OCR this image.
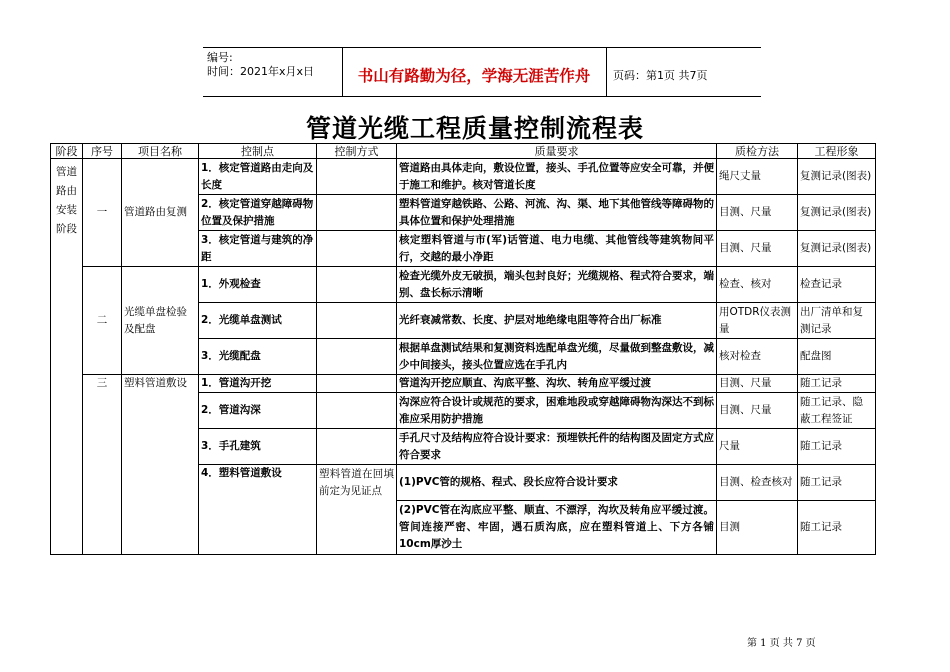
编号:
时间：2021年x月x日	书山有路勤为径，学海无涯苦作舟	页码：第1页 共7页
管道光缆工程质量控制流程表
阶段	序号	项目名称	控制点	控制方式	质量要求	质检方法	工程形象
管道路由安装阶段	一	管道路由复测	1．核定管道路由走向及长度		管道路由具体走向，敷设位置，接头、手孔位置等应安全可靠，并便于施工和维护。核对管道长度	绳尺丈量	复测记录(图表)
			2．核定管道穿越障碍物位置及保护措施		塑料管道穿越铁路、公路、河流、沟、渠、地下其他管线等障碍物的具体位置和保护处理措施	目测、尺量	复测记录(图表)
			3．核定管道与建筑的净距		核定塑料管道与市(军)话管道、电力电缆、其他管线等建筑物间平行，交越的最小净距	目测、尺量	复测记录(图表)
	二	光缆单盘检验及配盘	1．外观检查		检查光缆外皮无破损，端头包封良好；光缆规格、程式符合要求，端别、盘长标示清晰	检查、核对	检查记录
			2．光缆单盘测试		光纤衰减常数、长度、护层对地绝缘电阻等符合出厂标准	用OTDR仪表测量	出厂清单和复测记录
			3．光缆配盘		根据单盘测试结果和复测资料选配单盘光缆，尽量做到整盘敷设，减少中间接头，接头位置应选在手孔内	核对检查	配盘图
	三	塑料管道敷设	1．管道沟开挖		管道沟开挖应顺直、沟底平整、沟坎、转角应平缓过渡	目测、尺量	随工记录
			2．管道沟深		沟深应符合设计或规范的要求，困难地段或穿越障碍物沟深达不到标准应采用防护措施	目测、尺量	随工记录、隐蔽工程签证
			3．手孔建筑		手孔尺寸及结构应符合设计要求：预埋铁托件的结构图及固定方式应符合要求	尺量	随工记录
			4．塑料管道敷设	塑料管道在回填前定为见证点	(1)PVC管的规格、程式、段长应符合设计要求	目测、检查核对	随工记录
					(2)PVC管在沟底应平整、顺直、不漂浮，沟坎及转角应平缓过渡。管间连接严密、牢固，遇石质沟底，应在塑料管道上、下方各铺10cm厚沙土	目测	随工记录
第 1 页 共 7 页
